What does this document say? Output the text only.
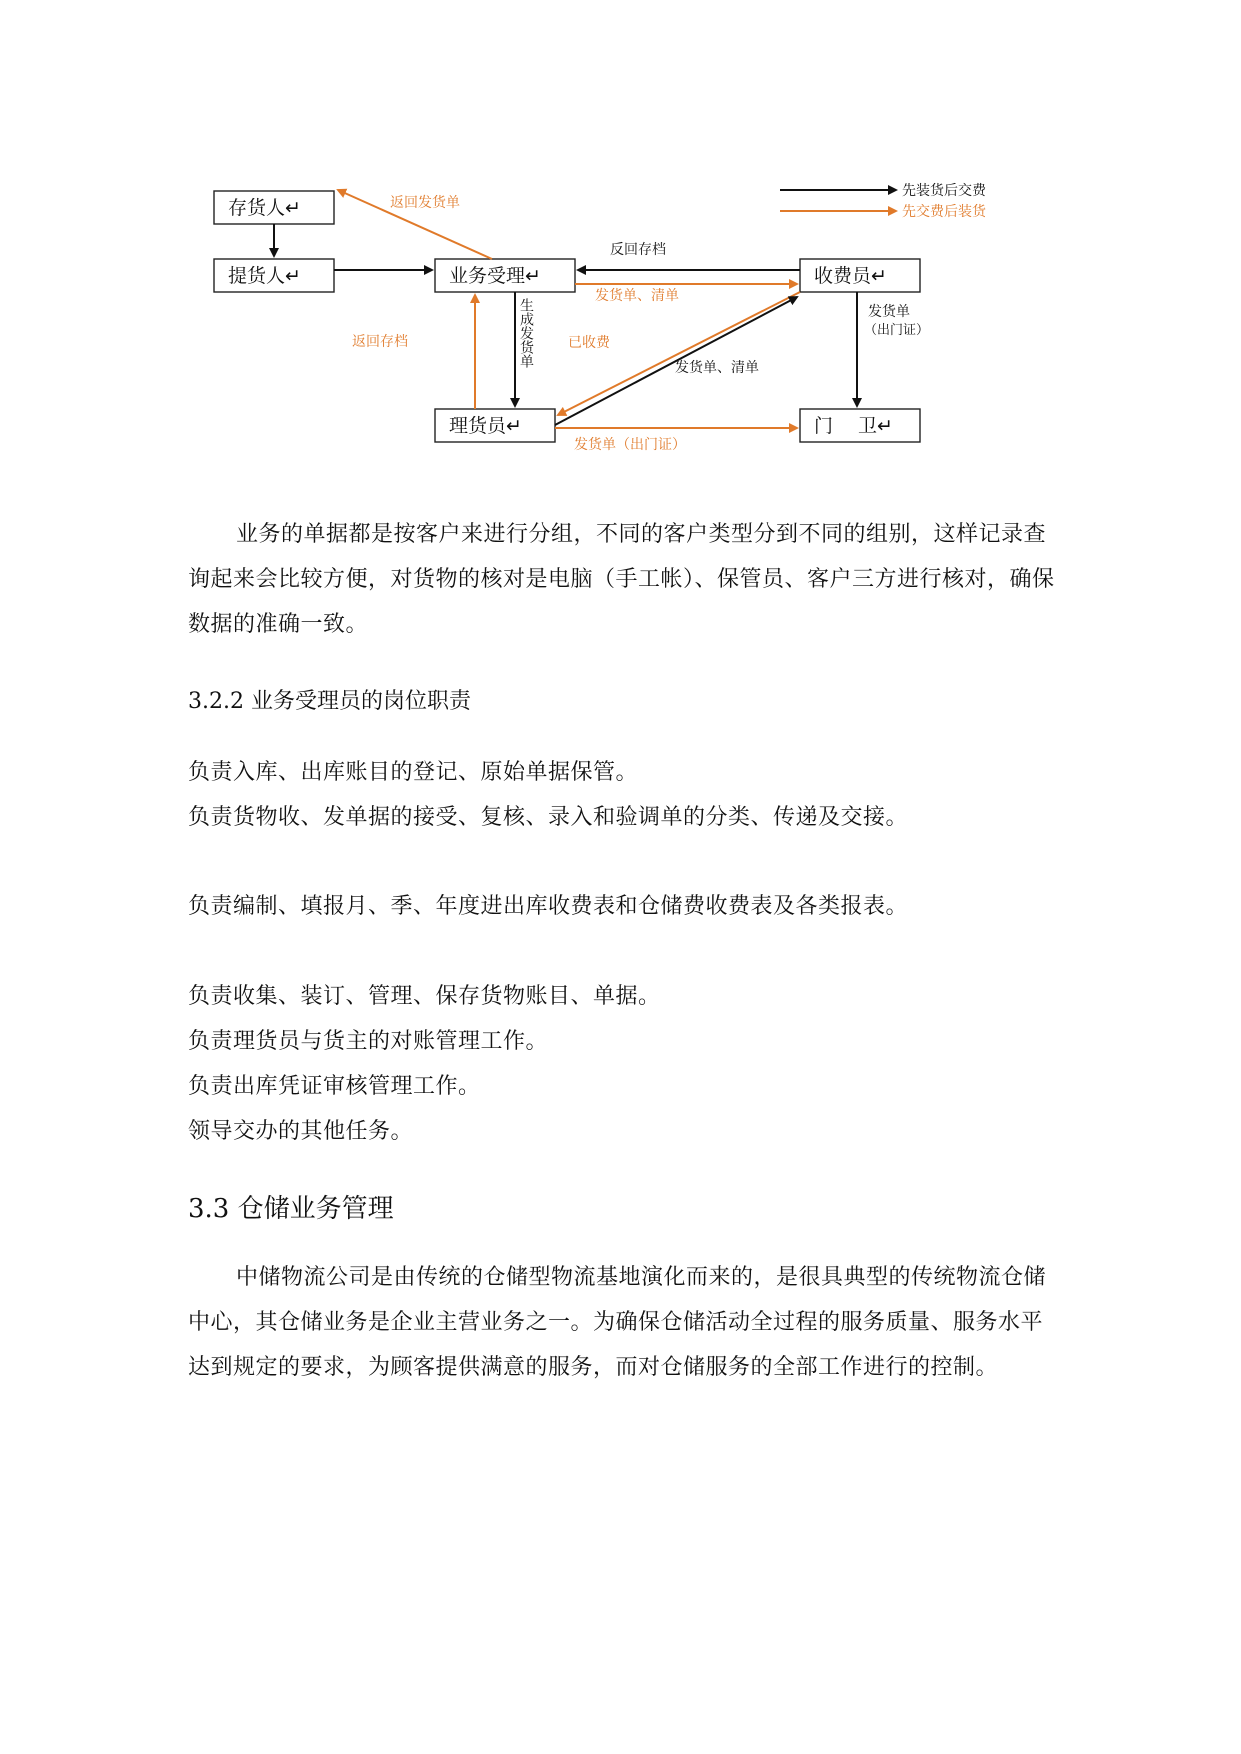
先装货后交费
先交费后装货
存货人↵
提货人↵	业务受理↵	收费员↵
理货员↵	门　 卫↵
返回发货单
反回存档
发货单、清单
返回存档	已收费
发货单、清单
发货单（出门证）
生成发货单	发货单
（出门证）

业务的单据都是按客户来进行分组，不同的客户类型分到不同的组别，这样记录查询起来会比较方便，对货物的核对是电脑（手工帐）、保管员、客户三方进行核对，确保数据的准确一致。

3.2.2 业务受理员的岗位职责

负责入库、出库账目的登记、原始单据保管。

负责货物收、发单据的接受、复核、录入和验调单的分类、传递及交接。

负责编制、填报月、季、年度进出库收费表和仓储费收费表及各类报表。

负责收集、装订、管理、保存货物账目、单据。

负责理货员与货主的对账管理工作。

负责出库凭证审核管理工作。

领导交办的其他任务。

3.3 仓储业务管理

中储物流公司是由传统的仓储型物流基地演化而来的，是很具典型的传统物流仓储中心，其仓储业务是企业主营业务之一。为确保仓储活动全过程的服务质量、服务水平达到规定的要求，为顾客提供满意的服务，而对仓储服务的全部工作进行的控制。
